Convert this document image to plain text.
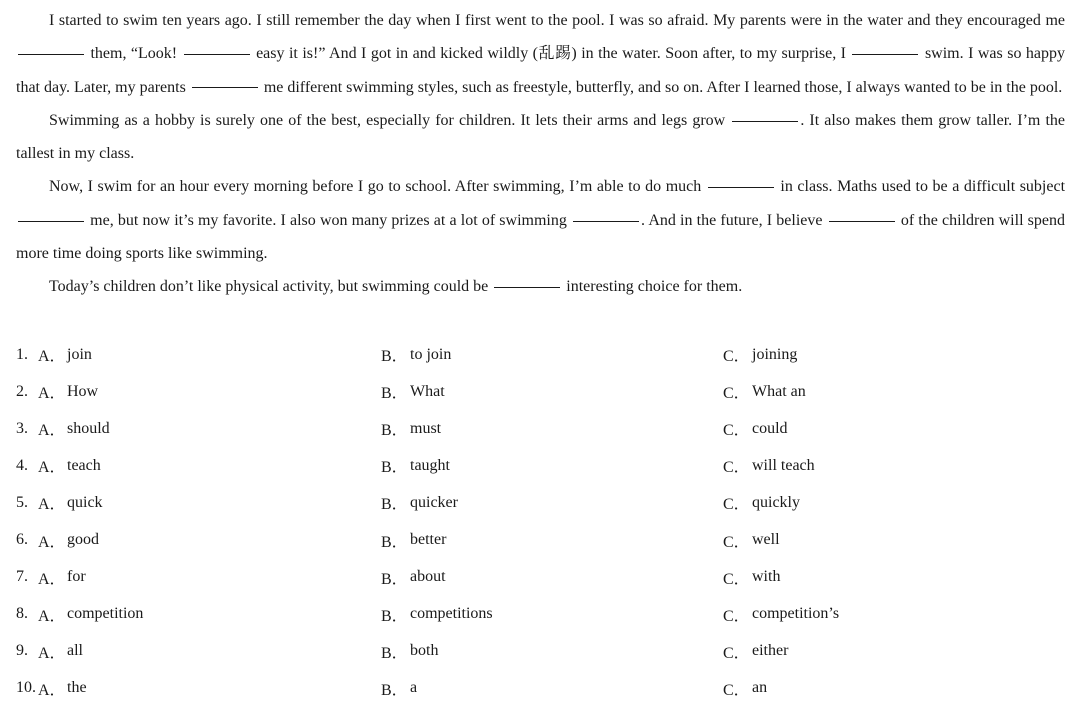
I started to swim ten years ago. I still remember the day when I first went to the pool. I was so afraid. My parents were in the water and they encouraged me  them, “Look!	easy it is!” And I got in and kicked wildly (乱踢) in the water. Soon after, to my surprise, I	swim. I was so happy that day. Later, my parents	me different swimming styles, such as freestyle, butterfly, and so on. After I learned those, I always wanted to be in the pool.

Swimming as a hobby is surely one of the best, especially for children. It lets their arms and legs grow	. It also makes them grow taller. I’m the tallest in my class.

Now, I swim for an hour every morning before I go to school. After swimming, I’m able to do much	in class. Maths used to be a difficult subject  me, but now it’s my favorite. I also won many prizes at a lot of swimming	. And in the future, I believe	of the children will spend more time doing sports like swimming.

Today’s children don’t like physical activity, but swimming could be	interesting choice for them.

1. A． join	B． to join	C． joining
2. A． How	B． What	C． What an
3. A． should	B． must	C． could
4. A． teach	B． taught	C． will teach
5. A． quick	B． quicker	C． quickly
6. A． good	B． better	C． well
7. A． for	B． about	C． with
8. A． competition	B． competitions	C． competition’s
9. A． all	B． both	C． either
10. A． the	B． a	C． an
